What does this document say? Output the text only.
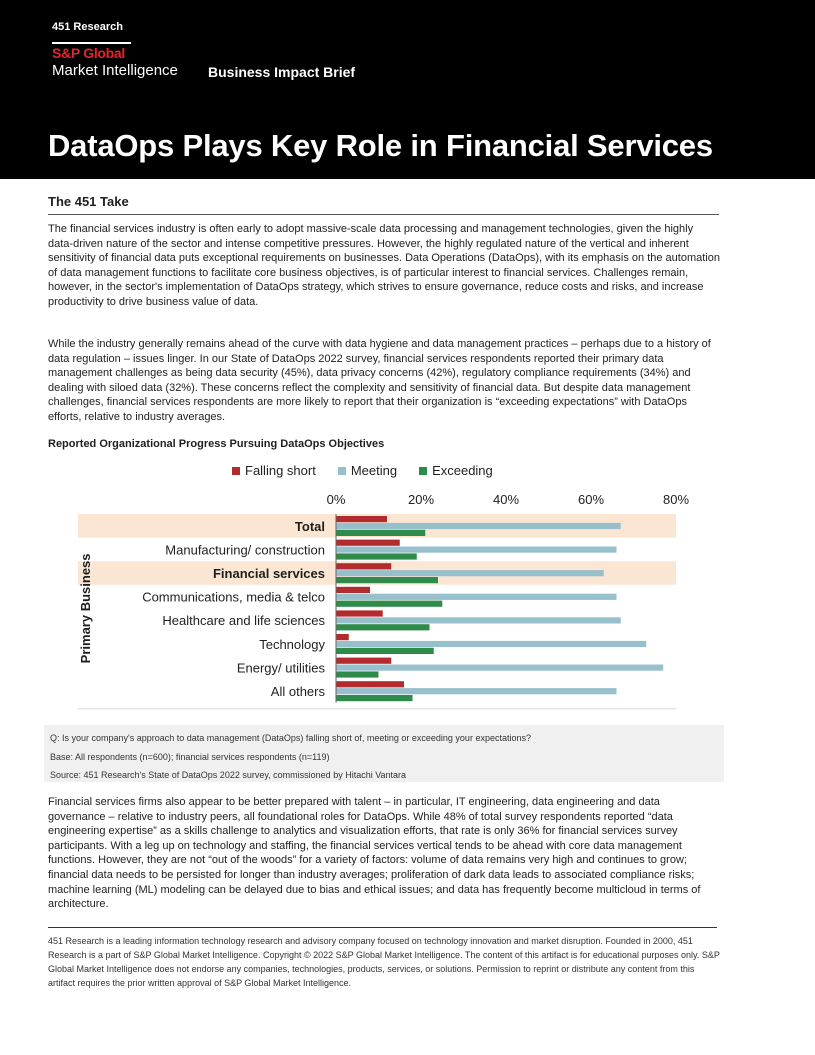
451 Research
S&P Global
Market Intelligence Business Impact Brief
DataOps Plays Key Role in Financial Services
The 451 Take

The financial services industry is often early to adopt massive-scale data processing and management technologies, given the highly data-driven nature of the sector and intense competitive pressures. However, the highly regulated nature of the vertical and inherent sensitivity of financial data puts exceptional requirements on businesses. Data Operations (DataOps), with its emphasis on the automation of data management functions to facilitate core business objectives, is of particular interest to financial services. Challenges remain, however, in the sector's implementation of DataOps strategy, which strives to ensure governance, reduce costs and risks, and increase productivity to drive business value of data.

While the industry generally remains ahead of the curve with data hygiene and data management practices – perhaps due to a history of data regulation – issues linger. In our State of DataOps 2022 survey, financial services respondents reported their primary data management challenges as being data security (45%), data privacy concerns (42%), regulatory compliance requirements (34%) and dealing with siloed data (32%). These concerns reflect the complexity and sensitivity of financial data. But despite data management challenges, financial services respondents are more likely to report that their organization is “exceeding expectations” with DataOps efforts, relative to industry averages.

Reported Organizational Progress Pursuing DataOps Objectives
Falling short	Meeting	Exceeding
0%	20%	40%	60%	80%
Total
Manufacturing/ construction
Financial services
Communications, media & telco
Healthcare and life sciences
Technology
Energy/ utilities
All others
Primary Business
Q: Is your company's approach to data management (DataOps) falling short of, meeting or exceeding your expectations?
Base: All respondents (n=600); financial services respondents (n=119)
Source: 451 Research's State of DataOps 2022 survey, commissioned by Hitachi Vantara

Financial services firms also appear to be better prepared with talent – in particular, IT engineering, data engineering and data governance – relative to industry peers, all foundational roles for DataOps. While 48% of total survey respondents reported “data engineering expertise” as a skills challenge to analytics and visualization efforts, that rate is only 36% for financial services survey participants. With a leg up on technology and staffing, the financial services vertical tends to be ahead with core data management functions. However, they are not “out of the woods” for a variety of factors: volume of data remains very high and continues to grow; financial data needs to be persisted for longer than industry averages; proliferation of dark data leads to associated compliance risks; machine learning (ML) modeling can be delayed due to bias and ethical issues; and data has frequently become multicloud in terms of architecture.

451 Research is a leading information technology research and advisory company focused on technology innovation and market disruption. Founded in 2000, 451 Research is a part of S&P Global Market Intelligence. Copyright © 2022 S&P Global Market Intelligence. The content of this artifact is for educational purposes only. S&P Global Market Intelligence does not endorse any companies, technologies, products, services, or solutions. Permission to reprint or distribute any content from this artifact requires the prior written approval of S&P Global Market Intelligence.
